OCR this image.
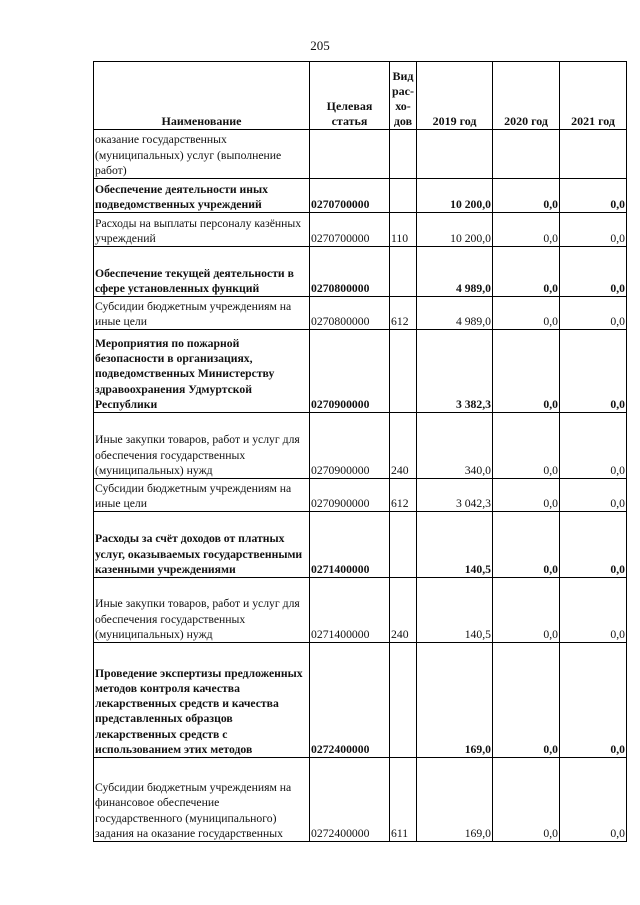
205
Наименование	Целевая статья	Вид рас-хо-дов	2019 год	2020 год	2021 год
оказание государственных (муниципальных) услуг (выполнение работ)					
Обеспечение деятельности иных подведомственных учреждений	0270700000		10 200,0	0,0	0,0
Расходы на выплаты персоналу казённых учреждений	0270700000	110	10 200,0	0,0	0,0
Обеспечение текущей деятельности в сфере установленных функций	0270800000		4 989,0	0,0	0,0
Субсидии бюджетным учреждениям на иные цели	0270800000	612	4 989,0	0,0	0,0
Мероприятия по пожарной безопасности в организациях, подведомственных Министерству здравоохранения Удмуртской Республики	0270900000		3 382,3	0,0	0,0
Иные закупки товаров, работ и услуг для обеспечения государственных (муниципальных) нужд	0270900000	240	340,0	0,0	0,0
Субсидии бюджетным учреждениям на иные цели	0270900000	612	3 042,3	0,0	0,0
Расходы за счёт доходов от платных услуг, оказываемых государственными казенными учреждениями	0271400000		140,5	0,0	0,0
Иные закупки товаров, работ и услуг для обеспечения государственных (муниципальных) нужд	0271400000	240	140,5	0,0	0,0
Проведение экспертизы предложенных методов контроля качества лекарственных средств и качества представленных образцов лекарственных средств с использованием этих методов	0272400000		169,0	0,0	0,0
Субсидии бюджетным учреждениям на финансовое обеспечение государственного (муниципального) задания на оказание государственных	0272400000	611	169,0	0,0	0,0
